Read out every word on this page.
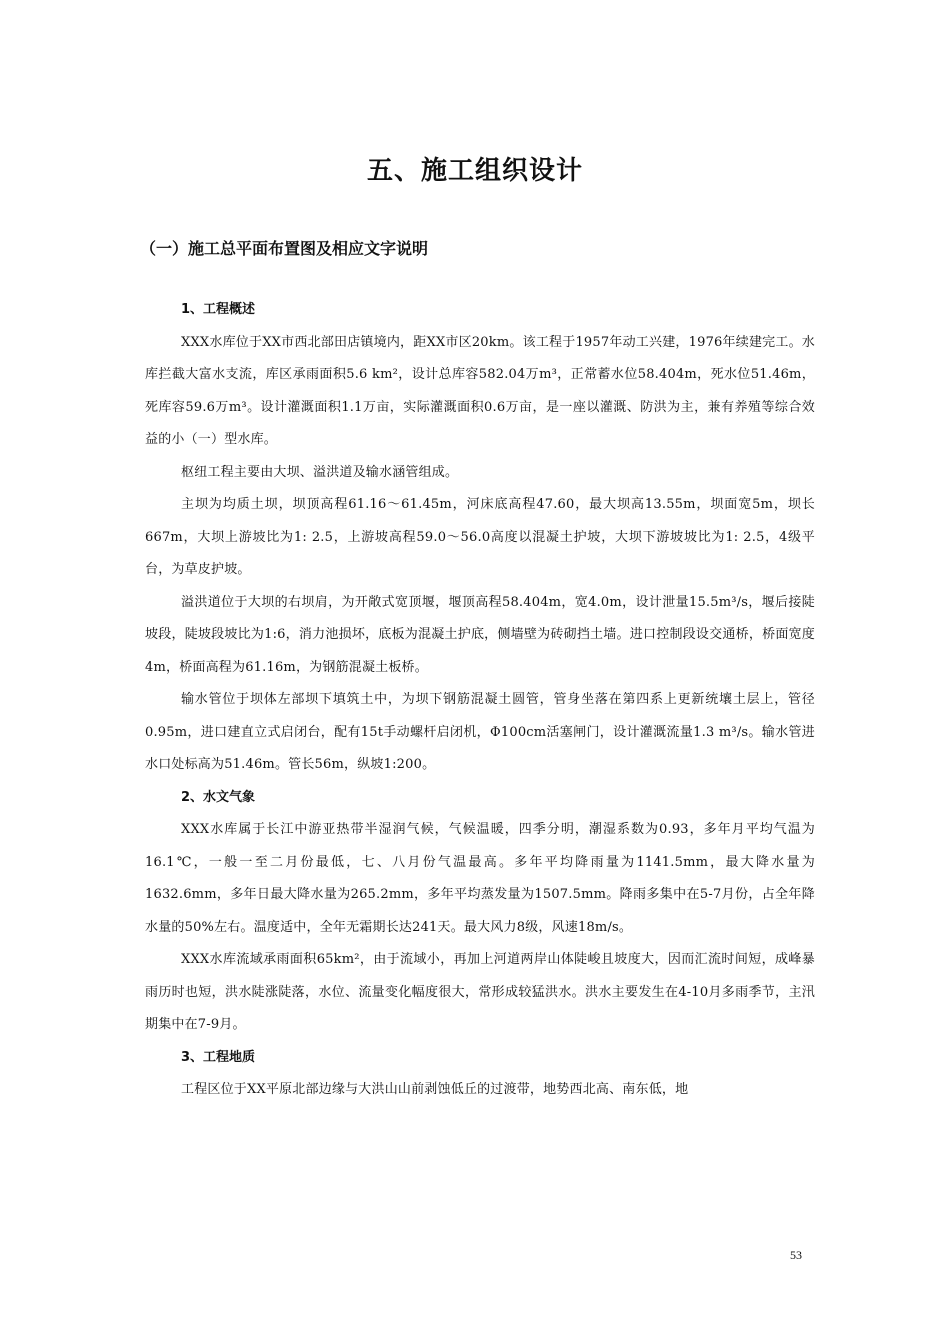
五、施工组织设计
（一）施工总平面布置图及相应文字说明

1、工程概述

XXX水库位于XX市西北部田店镇境内，距XX市区20km。该工程于1957年动工兴建，1976年续建完工。水库拦截大富水支流，库区承雨面积5.6 km²，设计总库容582.04万m³，正常蓄水位58.404m，死水位51.46m，死库容59.6万m³。设计灌溉面积1.1万亩，实际灌溉面积0.6万亩，是一座以灌溉、防洪为主，兼有养殖等综合效益的小（一）型水库。

枢纽工程主要由大坝、溢洪道及输水涵管组成。

主坝为均质土坝，坝顶高程61.16～61.45m，河床底高程47.60，最大坝高13.55m，坝面宽5m，坝长667m，大坝上游坡比为1: 2.5，上游坡高程59.0～56.0高度以混凝土护坡，大坝下游坡坡比为1: 2.5，4级平台，为草皮护坡。

溢洪道位于大坝的右坝肩，为开敞式宽顶堰，堰顶高程58.404m，宽4.0m，设计泄量15.5m³/s，堰后接陡坡段，陡坡段坡比为1:6，消力池损坏，底板为混凝土护底，侧墙壁为砖砌挡土墙。进口控制段设交通桥，桥面宽度4m，桥面高程为61.16m，为钢筋混凝土板桥。

输水管位于坝体左部坝下填筑土中，为坝下钢筋混凝土圆管，管身坐落在第四系上更新统壤土层上，管径0.95m，进口建直立式启闭台，配有15t手动螺杆启闭机，Φ100cm活塞闸门，设计灌溉流量1.3 m³/s。输水管进水口处标高为51.46m。管长56m，纵坡1:200。

2、水文气象

XXX水库属于长江中游亚热带半湿润气候，气候温暖，四季分明，潮湿系数为0.93，多年月平均气温为16.1℃，一般一至二月份最低，七、八月份气温最高。多年平均降雨量为1141.5mm，最大降水量为1632.6mm，多年日最大降水量为265.2mm，多年平均蒸发量为1507.5mm。降雨多集中在5-7月份，占全年降水量的50%左右。温度适中，全年无霜期长达241天。最大风力8级，风速18m/s。

XXX水库流域承雨面积65km²，由于流域小，再加上河道两岸山体陡峻且坡度大，因而汇流时间短，成峰暴雨历时也短，洪水陡涨陡落，水位、流量变化幅度很大，常形成较猛洪水。洪水主要发生在4-10月多雨季节，主汛期集中在7-9月。

3、工程地质

工程区位于XX平原北部边缘与大洪山山前剥蚀低丘的过渡带，地势西北高、南东低，地

53
